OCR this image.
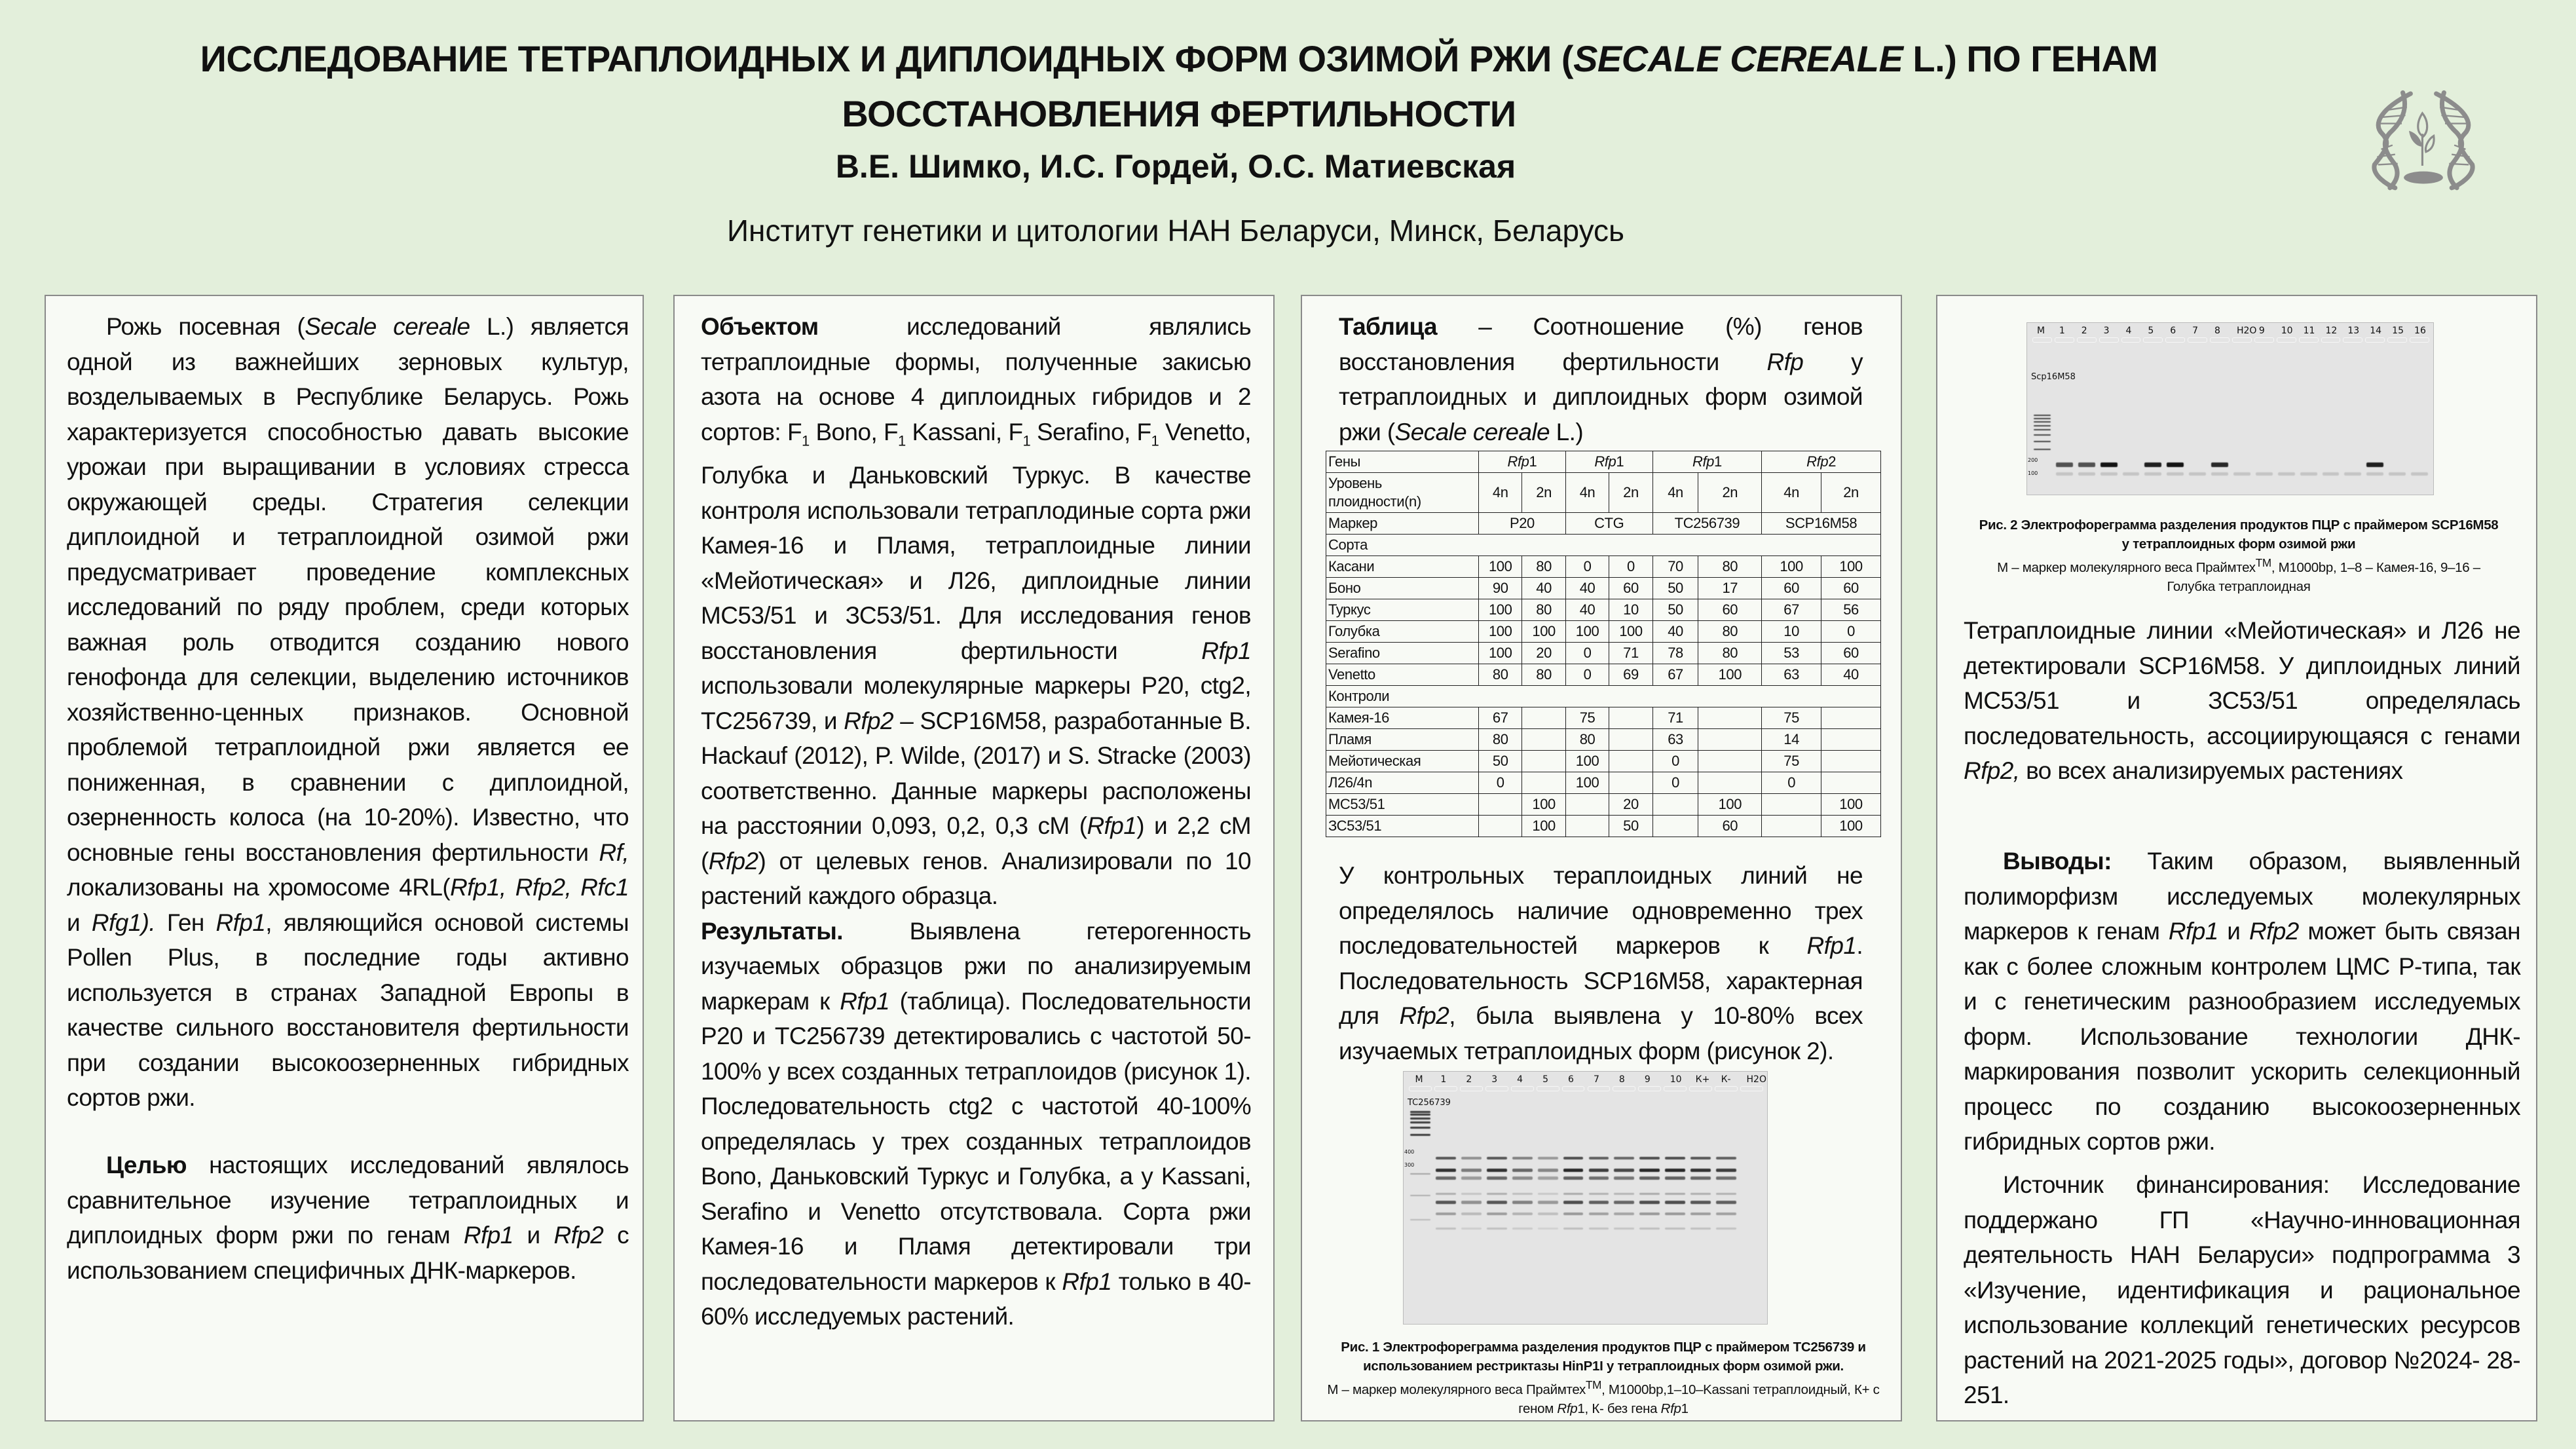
ИССЛЕДОВАНИЕ ТЕТРАПЛОИДНЫХ И ДИПЛОИДНЫХ ФОРМ ОЗИМОЙ РЖИ (SECALE CEREALE L.) ПО ГЕНАМ
ВОССТАНОВЛЕНИЯ ФЕРТИЛЬНОСТИ
В.Е. Шимко, И.С. Гордей, О.С. Матиевская
Институт генетики и цитологии НАН Беларуси, Минск, Беларусь
Рожь посевная (Secale cereale L.) является одной из важнейших зерновых культур, возделываемых в Республике Беларусь. Рожь характеризуется способностью давать высокие урожаи при выращивании в условиях стресса окружающей среды. Стратегия селекции диплоидной и тетраплоидной озимой ржи предусматривает проведение комплексных исследований по ряду проблем, среди которых важная роль отводится созданию нового генофонда для селекции, выделению источников хозяйственно-ценных признаков. Основной проблемой тетраплоидной ржи является ее пониженная, в сравнении с диплоидной, озерненность колоса (на 10-20%). Известно, что основные гены восстановления фертильности Rf, локализованы на хромосоме 4RL(Rfp1, Rfp2, Rfc1 и Rfg1). Ген Rfp1, являющийся основой системы Pollen Plus, в последние годы активно используется в странах Западной Европы в качестве сильного восстановителя фертильности при создании высокоозерненных гибридных сортов ржи.
Целью настоящих исследований являлось сравнительное изучение тетраплоидных и диплоидных форм ржи по генам Rfp1 и Rfp2 с использованием специфичных ДНК-маркеров.
Объектом исследований являлись тетраплоидные формы, полученные закисью азота на основе 4 диплоидных гибридов и 2 сортов: $F_1$ Bono, $F_1$ Kassani, $F_1$ Serafino, $F_1$ Venetto, Голубка и Даньковский Туркус. В качестве контроля использовали тетраплодиные сорта ржи Камея-16 и Пламя, тетраплоидные линии «Мейотическая» и Л26, диплоидные линии МС53/51 и ЗС53/51. Для исследования генов восстановления фертильности Rfp1 использовали молекулярные маркеры P20, ctg2, TC256739, и Rfp2 – SCP16M58, разработанные B. Hackauf (2012), P. Wilde, (2017) и S. Stracke (2003) соответственно. Данные маркеры расположены на расстоянии 0,093, 0,2, 0,3 сМ (Rfp1) и 2,2 сМ (Rfp2) от целевых генов. Анализировали по 10 растений каждого образца.
Результаты. Выявлена гетерогенность изучаемых образцов ржи по анализируемым маркерам к Rfp1 (таблица). Последовательности P20 и TC256739 детектировались с частотой 50-100% у всех созданных тетраплоидов (рисунок 1). Последовательность ctg2 с частотой 40-100% определялась у трех созданных тетраплоидов Bono, Даньковский Туркус и Голубка, а у Kassani, Serafino и Venetto отсутствовала. Сорта ржи Камея-16 и Пламя детектировали три последовательности маркеров к Rfp1 только в 40-60% исследуемых растений.
Таблица – Соотношение (%) генов восстановления фертильности Rfp у тетраплоидных и диплоидных форм озимой ржи (Secale cereale L.)
Гены	Rfp1		Rfp1		Rfp1		Rfp2	
Уровень плоидности(n)	4n	2n	4n	2n	4n	2n	4n	2n
Маркер	P20		CTG		TC256739		SCP16M58	
Сорта								
Касани	100	80	0	0	70	80	100	100
Боно	90	40	40	60	50	17	60	60
Туркус	100	80	40	10	50	60	67	56
Голубка	100	100	100	100	40	80	10	0
Serafino	100	20	0	71	78	80	53	60
Venetto	80	80	0	69	67	100	63	40
Контроли								
Камея-16	67		75		71		75	
Пламя	80		80		63		14	
Мейотическая	50		100		0		75	
Л26/4n	0		100		0		0	
МС53/51		100		20		100		100
ЗС53/51		100		50		60		100
У контрольных тераплоидных линий не определялось наличие одновременно трех последовательностей маркеров к Rfp1. Последовательность SCP16M58, характерная для Rfp2, была выявлена у 10-80% всех изучаемых тетраплоидных форм (рисунок 2).
M 1 2 3 4 5 6 7 8 9 10 К+ К- H2O
TC256739
400
300
Рис. 1 Электрофореграмма разделения продуктов ПЦР с праймером TC256739 и использованием рестриктазы HinP1I у тетраплоидных форм озимой ржи.
M – маркер молекулярного веса Праймтех™, M1000bp,1–10–Kassani тетраплоидный, К+ с геном Rfp1, К- без гена Rfp1
M 1 2 3 4 5 6 7 8 H2O 9 10 11 12 13 14 15 16
Scp16M58
200
100
Рис. 2 Электрофореграмма разделения продуктов ПЦР с праймером SCP16M58 у тетраплоидных форм озимой ржи
M – маркер молекулярного веса Праймтех™, M1000bp, 1–8 – Камея-16, 9–16 – Голубка тетраплоидная
Тетраплоидные линии «Мейотическая» и Л26 не детектировали SCP16M58. У диплоидных линий МС53/51 и ЗС53/51 определялась последовательность, ассоциирующаяся с генами Rfp2, во всех анализируемых растениях
Выводы: Таким образом, выявленный полиморфизм исследуемых молекулярных маркеров к генам Rfp1 и Rfp2 может быть связан как с более сложным контролем ЦМС Р-типа, так и с генетическим разнообразием исследуемых форм. Использование технологии ДНК-маркирования позволит ускорить селекционный процесс по созданию высокоозерненных гибридных сортов ржи.
Источник финансирования: Исследование поддержано ГП «Научно-инновационная деятельность НАН Беларуси» подпрограмма 3 «Изучение, идентификация и рациональное использование коллекций генетических ресурсов растений на 2021-2025 годы», договор №2024- 28-251.
